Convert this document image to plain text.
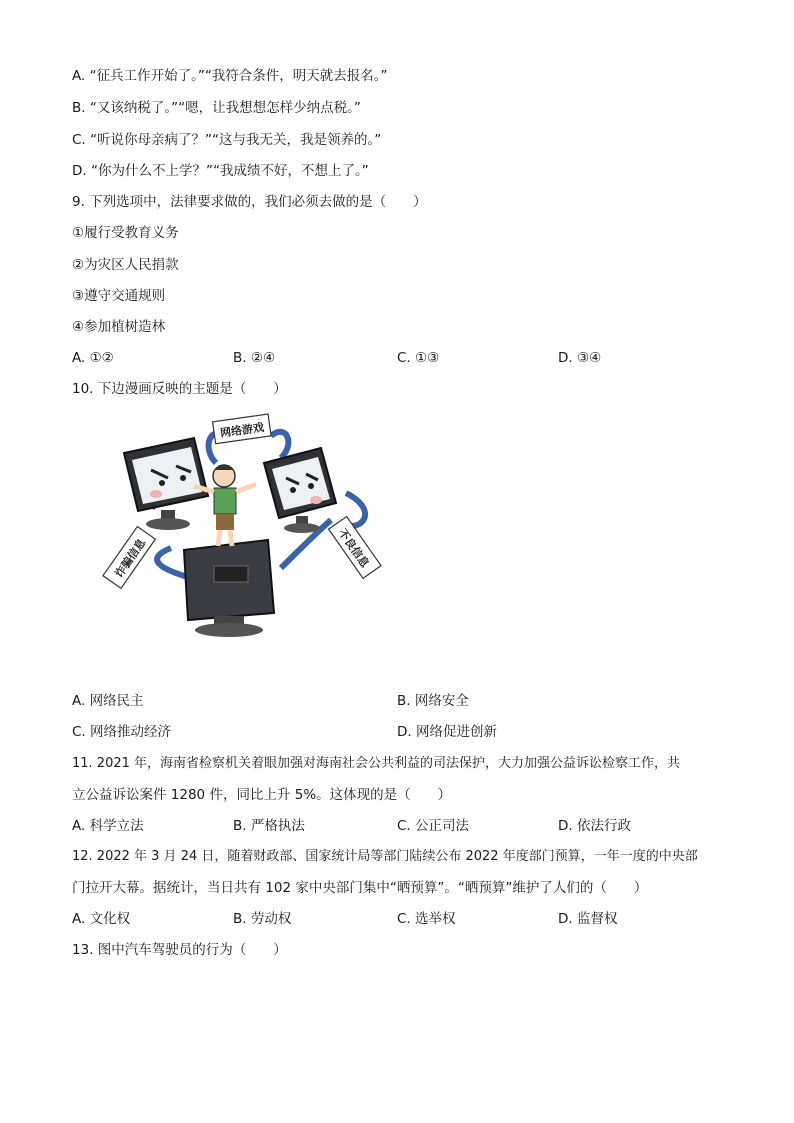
A. “征兵工作开始了。”“我符合条件，明天就去报名。”
B. “又该纳税了。”“嗯，让我想想怎样少纳点税。”
C. “听说你母亲病了？”“这与我无关，我是领养的。”
D. “你为什么不上学？”“我成绩不好，不想上了。”
9. 下列选项中，法律要求做的，我们必须去做的是（　　）
①履行受教育义务
②为灾区人民捐款
③遵守交通规则
④参加植树造林
A. ①②	B. ②④	C. ①③	D. ③④
10. 下边漫画反映的主题是（　　）
网络游戏
不良信息
诈骗信息
A. 网络民主	B. 网络安全
C. 网络推动经济	D. 网络促进创新
11. 2021 年，海南省检察机关着眼加强对海南社会公共利益的司法保护，大力加强公益诉讼检察工作，共
立公益诉讼案件 1280 件，同比上升 5%。这体现的是（　　）
A. 科学立法	B. 严格执法	C. 公正司法	D. 依法行政
12. 2022 年 3 月 24 日，随着财政部、国家统计局等部门陆续公布 2022 年度部门预算，一年一度的中央部
门拉开大幕。据统计，当日共有 102 家中央部门集中“晒预算”。“晒预算”维护了人们的（　　）
A. 文化权	B. 劳动权	C. 选举权	D. 监督权
13. 图中汽车驾驶员的行为（　　）
